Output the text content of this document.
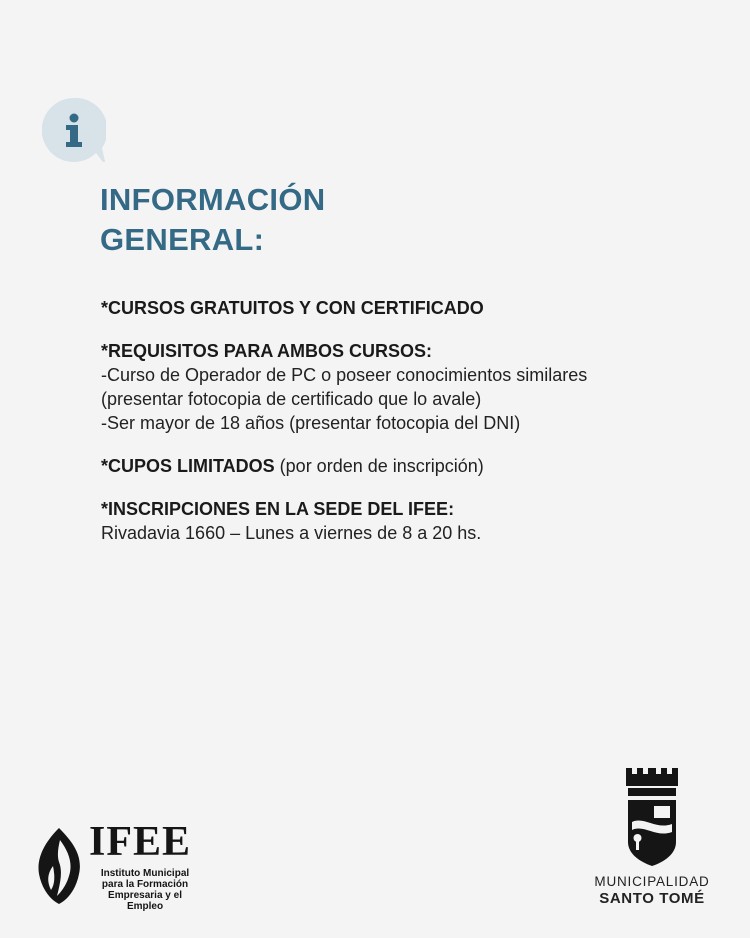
INFORMACIÓN
GENERAL:
*CURSOS GRATUITOS Y CON CERTIFICADO
*REQUISITOS PARA AMBOS CURSOS:
-Curso de Operador de PC o poseer conocimientos similares
(presentar fotocopia de certificado que lo avale)
-Ser mayor de 18 años (presentar fotocopia del DNI)
*CUPOS LIMITADOS (por orden de inscripción)
*INSCRIPCIONES EN LA SEDE DEL IFEE:
Rivadavia 1660 – Lunes a viernes de 8 a 20 hs.
IFEE
Instituto Municipal
para la Formación
Empresaria y el Empleo
MUNICIPALIDAD
SANTO TOMÉ
